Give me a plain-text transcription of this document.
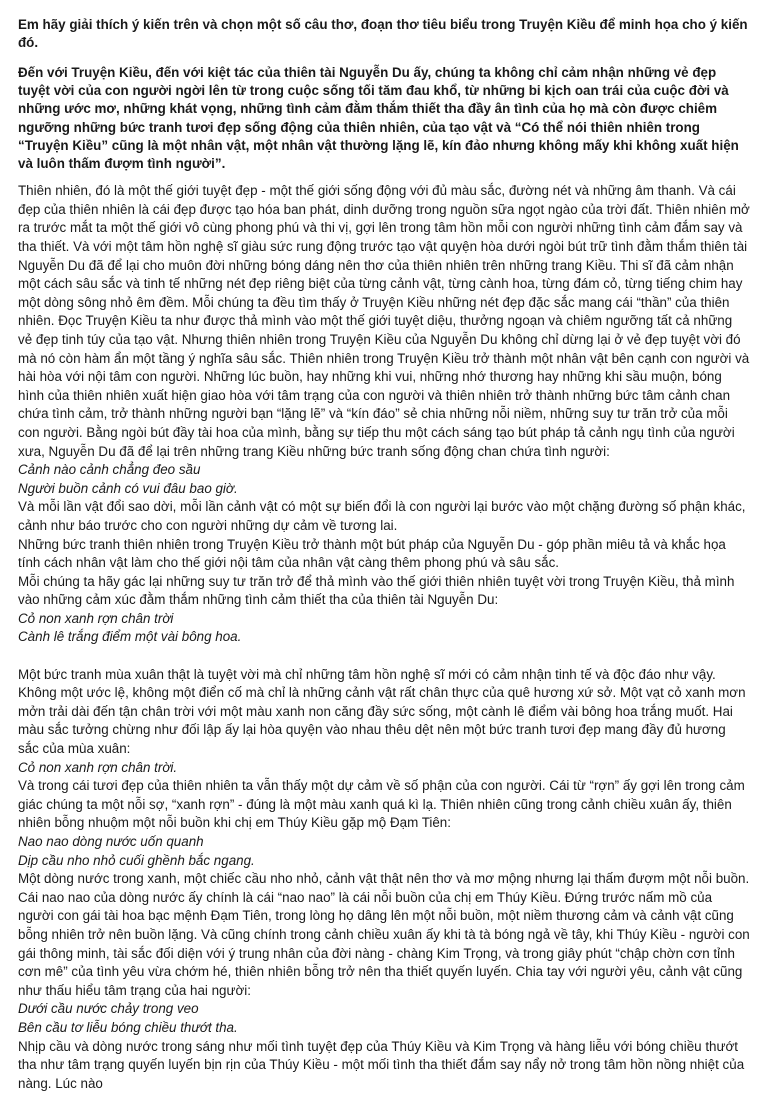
Em hãy giải thích ý kiến trên và chọn một số câu thơ, đoạn thơ tiêu biểu trong Truyện Kiều để minh họa cho ý kiến đó.

Đến với Truyện Kiều, đến với kiệt tác của thiên tài Nguyễn Du ấy, chúng ta không chỉ cảm nhận những vẻ đẹp tuyệt vời của con người ngời lên từ trong cuộc sống tối tăm đau khổ, từ những bi kịch oan trái của cuộc đời và những ước mơ, những khát vọng, những tình cảm đằm thắm thiết tha đầy ân tình của họ mà còn được chiêm ngưỡng những bức tranh tươi đẹp sống động của thiên nhiên, của tạo vật và “Có thể nói thiên nhiên trong “Truyện Kiều” cũng là một nhân vật, một nhân vật thường lặng lẽ, kín đảo nhưng không mấy khi không xuất hiện và luôn thấm đượm tình người”.

Thiên nhiên, đó là một thế giới tuyệt đẹp - một thế giới sống động với đủ màu sắc, đường nét và những âm thanh. Và cái đẹp của thiên nhiên là cái đẹp được tạo hóa ban phát, dinh dưỡng trong nguồn sữa ngọt ngào của trời đất. Thiên nhiên mở ra trước mắt ta một thế giới vô cùng phong phú và thi vị, gợi lên trong tâm hồn mỗi con người những tình cảm đắm say và tha thiết. Và với một tâm hồn nghệ sĩ giàu sức rung động trước tạo vật quyện hòa dưới ngòi bút trữ tình đằm thắm thiên tài Nguyễn Du đã để lại cho muôn đời những bóng dáng nên thơ của thiên nhiên trên những trang Kiều. Thi sĩ đã cảm nhận một cách sâu sắc và tinh tế những nét đẹp riêng biệt của từng cảnh vật, từng cành hoa, từng đám cỏ, từng tiếng chim hay một dòng sông nhỏ êm đềm. Mỗi chúng ta đều tìm thấy ở Truyện Kiều những nét đẹp đặc sắc mang cái “thần” của thiên nhiên. Đọc Truyện Kiều ta như được thả mình vào một thế giới tuyệt diệu, thưởng ngoạn và chiêm ngưỡng tất cả những vẻ đẹp tinh túy của tạo vật. Nhưng thiên nhiên trong Truyện Kiều của Nguyễn Du không chỉ dừng lại ở vẻ đẹp tuyệt vời đó mà nó còn hàm ẩn một tầng ý nghĩa sâu sắc. Thiên nhiên trong Truyện Kiều trở thành một nhân vật bên cạnh con người và hài hòa với nội tâm con người. Những lúc buồn, hay những khi vui, những nhớ thương hay những khi sầu muộn, bóng hình của thiên nhiên xuất hiện giao hòa với tâm trạng của con người và thiên nhiên trở thành những bức tâm cảnh chan chứa tình cảm, trở thành những người bạn “lặng lẽ” và “kín đáo” sẻ chia những nỗi niềm, những suy tư trăn trở của mỗi con người. Bằng ngòi bút đầy tài hoa của mình, bằng sự tiếp thu một cách sáng tạo bút pháp tả cảnh ngụ tình của người xưa, Nguyễn Du đã để lại trên những trang Kiều những bức tranh sống động chan chứa tình người:

Cảnh nào cảnh chẳng đeo sầu

Người buồn cảnh có vui đâu bao giờ.

Và mỗi lần vật đổi sao dời, mỗi lần cảnh vật có một sự biến đổi là con người lại bước vào một chặng đường số phận khác, cảnh như báo trước cho con người những dự cảm về tương lai.

Những bức tranh thiên nhiên trong Truyện Kiều trở thành một bút pháp của Nguyễn Du - góp phần miêu tả và khắc họa tính cách nhân vật làm cho thế giới nội tâm của nhân vật càng thêm phong phú và sâu sắc.

Mỗi chúng ta hãy gác lại những suy tư trăn trở để thả mình vào thế giới thiên nhiên tuyệt vời trong Truyện Kiều, thả mình vào những cảm xúc đằm thắm những tình cảm thiết tha của thiên tài Nguyễn Du:

Cỏ non xanh rợn chân trời

Cành lê trắng điểm một vài bông hoa.

Một bức tranh mùa xuân thật là tuyệt vời mà chỉ những tâm hồn nghệ sĩ mới có cảm nhận tinh tế và độc đáo như vậy. Không một ước lệ, không một điển cố mà chỉ là những cảnh vật rất chân thực của quê hương xứ sở. Một vạt cỏ xanh mơn mởn trải dài đến tận chân trời với một màu xanh non căng đầy sức sống, một cành lê điểm vài bông hoa trắng muốt. Hai màu sắc tưởng chừng như đối lập ấy lại hòa quyện vào nhau thêu dệt nên một bức tranh tươi đẹp mang đầy đủ hương sắc của mùa xuân:

Cỏ non xanh rợn chân trời.

Và trong cái tươi đẹp của thiên nhiên ta vẫn thấy một dự cảm về số phận của con người. Cái từ “rợn” ấy gợi lên trong cảm giác chúng ta một nỗi sợ, “xanh rợn” - đúng là một màu xanh quá kì lạ. Thiên nhiên cũng trong cảnh chiều xuân ấy, thiên nhiên bỗng nhuộm một nỗi buồn khi chị em Thúy Kiều gặp mộ Đạm Tiên:

Nao nao dòng nước uốn quanh

Dịp cầu nho nhỏ cuối ghềnh bắc ngang.

Một dòng nước trong xanh, một chiếc cầu nho nhỏ, cảnh vật thật nên thơ và mơ mộng nhưng lại thấm đượm một nỗi buồn. Cái nao nao của dòng nước ấy chính là cái “nao nao” là cái nỗi buồn của chị em Thúy Kiều. Đứng trước nấm mồ của người con gái tài hoa bạc mệnh Đạm Tiên, trong lòng họ dâng lên một nỗi buồn, một niềm thương cảm và cảnh vật cũng bỗng nhiên trở nên buồn lặng. Và cũng chính trong cảnh chiều xuân ấy khi tà tà bóng ngả về tây, khi Thúy Kiều - người con gái thông minh, tài sắc đối diện với ý trung nhân của đời nàng - chàng Kim Trọng, và trong giây phút “chập chờn cơn tỉnh cơn mê” của tình yêu vừa chớm hé, thiên nhiên bỗng trở nên tha thiết quyến luyến. Chia tay với người yêu, cảnh vật cũng như thấu hiểu tâm trạng của hai người:

Dưới cầu nước chảy trong veo

Bên cầu tơ liễu bóng chiều thướt tha.

Nhịp cầu và dòng nước trong sáng như mối tình tuyệt đẹp của Thúy Kiều và Kim Trọng và hàng liễu với bóng chiều thướt tha như tâm trạng quyến luyến bịn rịn của Thúy Kiều - một mối tình tha thiết đắm say nẩy nở trong tâm hồn nồng nhiệt của nàng. Lúc nào
